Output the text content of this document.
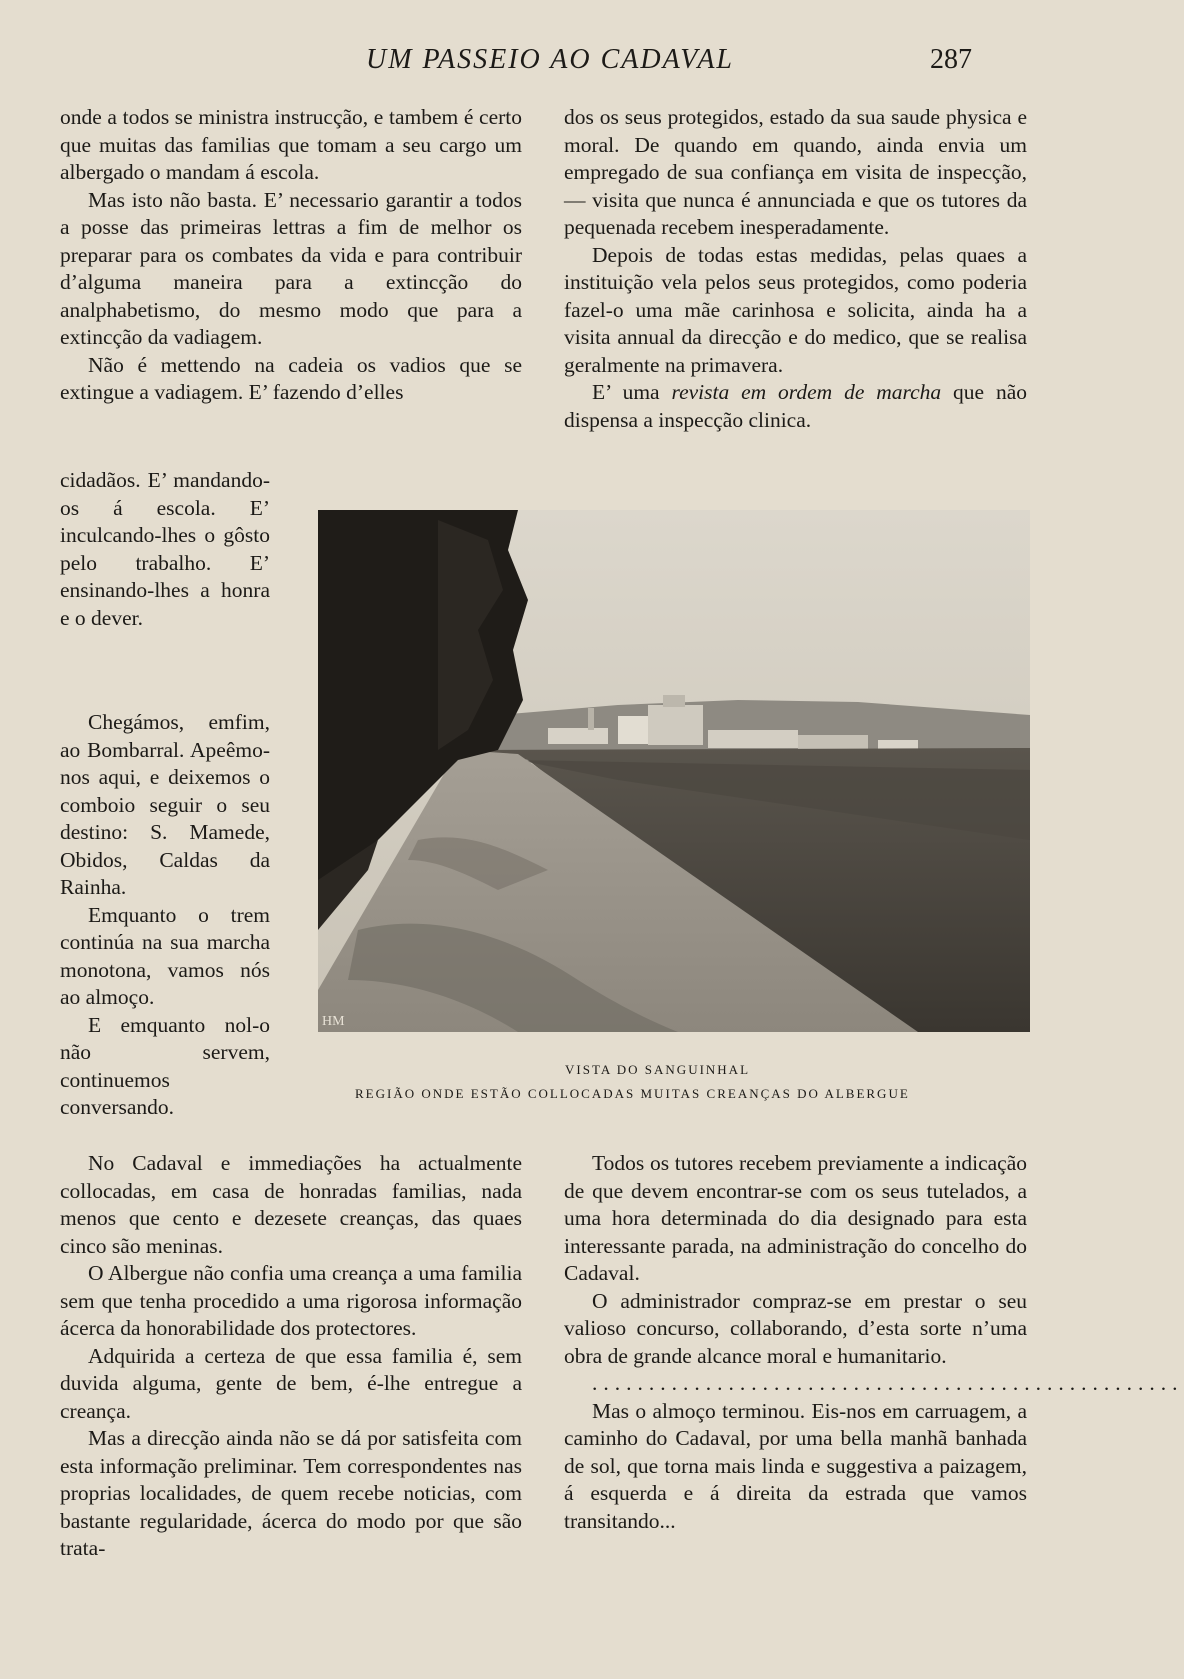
UM PASSEIO AO CADAVAL	287

onde a todos se ministra instrucção, e tambem é certo que muitas das familias que tomam a seu cargo um albergado o mandam á escola.

Mas isto não basta. E’ necessario garantir a todos a posse das primeiras lettras a fim de melhor os preparar para os combates da vida e para contribuir d’alguma maneira para a extincção do analphabetismo, do mesmo modo que para a extincção da vadiagem.

Não é mettendo na cadeia os vadios que se extingue a vadiagem. E’ fazendo d’elles

cidadãos. E’ mandando-os á escola. E’ inculcando-lhes o gôsto pelo trabalho. E’ ensinando-lhes a honra e o dever.

Chegámos, emfim, ao Bombarral. Apeêmo-nos aqui, e deixemos o comboio seguir o seu destino: S. Mamede, Obidos, Caldas da Rainha.

Emquanto o trem continúa na sua marcha monotona, vamos nós ao almoço.

E emquanto nol-o não servem, continuemos conversando.

dos os seus protegidos, estado da sua saude physica e moral. De quando em quando, ainda envia um empregado de sua confiança em visita de inspecção, — visita que nunca é annunciada e que os tutores da pequenada recebem inesperadamente.

Depois de todas estas medidas, pelas quaes a instituição vela pelos seus protegidos, como poderia fazel-o uma mãe carinhosa e solicita, ainda ha a visita annual da direcção e do medico, que se realisa geralmente na primavera.

E’ uma revista em ordem de marcha que não dispensa a inspecção clinica.

HM
VISTA DO SANGUINHAL
REGIÃO ONDE ESTÃO COLLOCADAS MUITAS CREANÇAS DO ALBERGUE

No Cadaval e immediações ha actualmente collocadas, em casa de honradas familias, nada menos que cento e dezesete creanças, das quaes cinco são meninas.

O Albergue não confia uma creança a uma familia sem que tenha procedido a uma rigorosa informação ácerca da honorabilidade dos protectores.

Adquirida a certeza de que essa familia é, sem duvida alguma, gente de bem, é-lhe entregue a creança.

Mas a direcção ainda não se dá por satisfeita com esta informação preliminar. Tem correspondentes nas proprias localidades, de quem recebe noticias, com bastante regularidade, ácerca do modo por que são trata-

Todos os tutores recebem previamente a indicação de que devem encontrar-se com os seus tutelados, a uma hora determinada do dia designado para esta interessante parada, na administração do concelho do Cadaval.

O administrador compraz-se em prestar o seu valioso concurso, collaborando, d’esta sorte n’uma obra de grande alcance moral e humanitario.

....................................................

Mas o almoço terminou. Eis-nos em carruagem, a caminho do Cadaval, por uma bella manhã banhada de sol, que torna mais linda e suggestiva a paizagem, á esquerda e á direita da estrada que vamos transitando...
